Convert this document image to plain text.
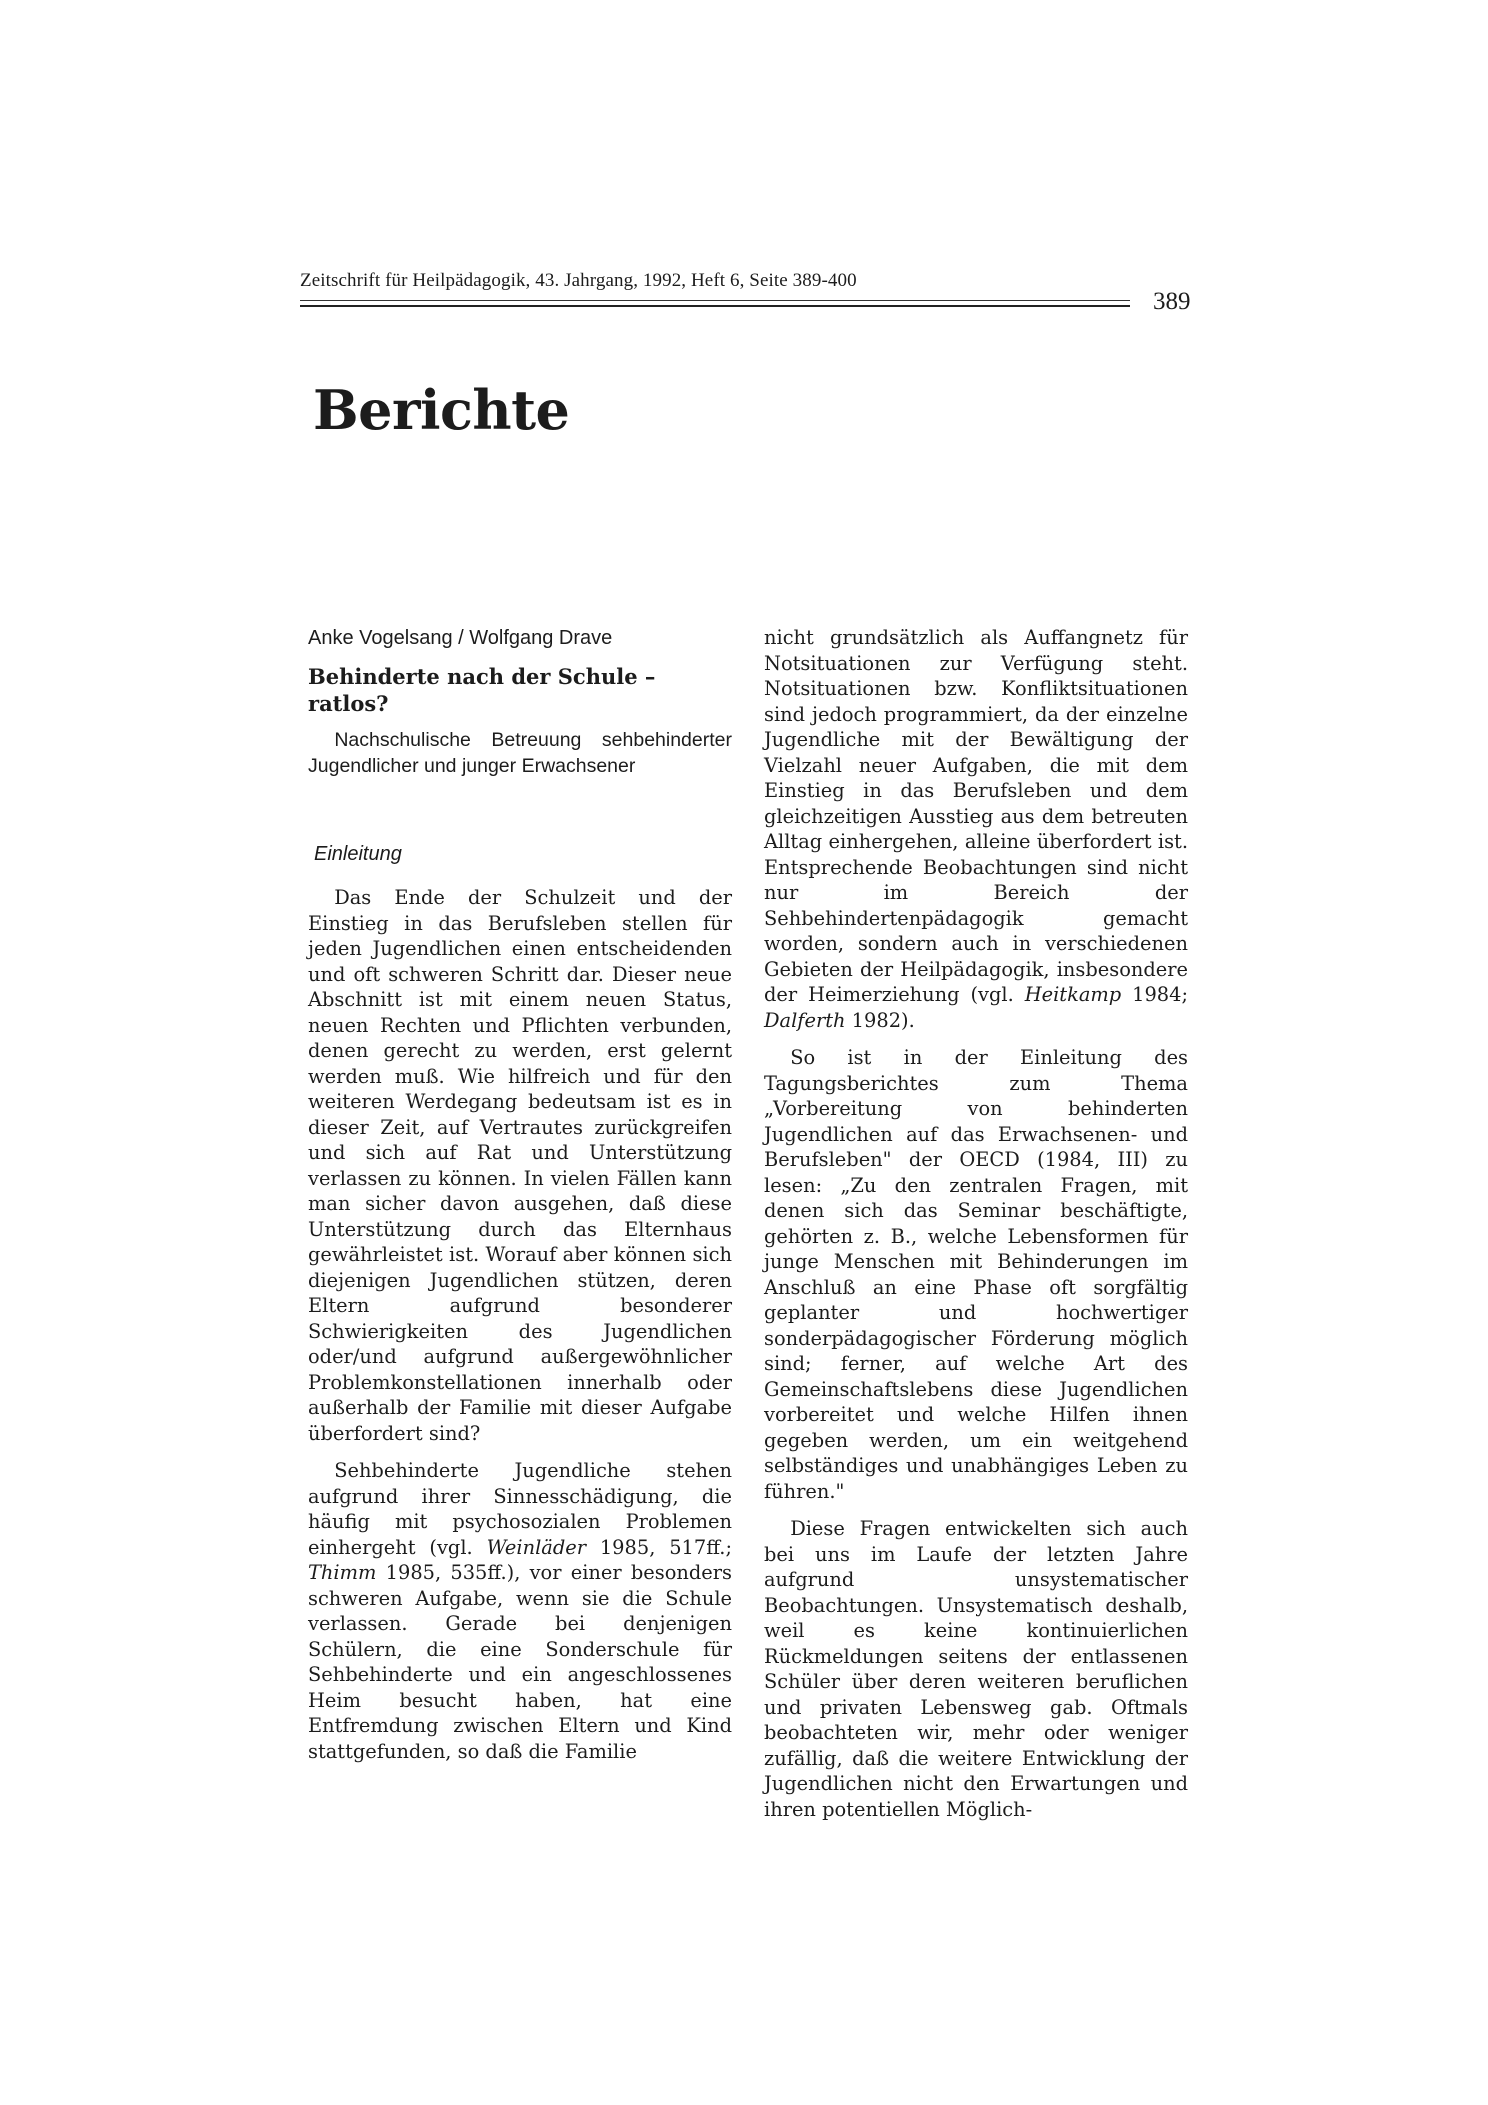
Zeitschrift für Heilpädagogik, 43. Jahrgang, 1992, Heft 6, Seite 389-400
389
Berichte

Anke Vogelsang / Wolfgang Drave

Behinderte nach der Schule – ratlos?

Nachschulische Betreuung sehbehinderter Jugendlicher und junger Erwachsener

Einleitung

Das Ende der Schulzeit und der Einstieg in das Berufsleben stellen für jeden Jugendlichen einen entscheidenden und oft schweren Schritt dar. Dieser neue Abschnitt ist mit einem neuen Status, neuen Rechten und Pflichten verbunden, denen gerecht zu werden, erst gelernt werden muß. Wie hilfreich und für den weiteren Werdegang bedeutsam ist es in dieser Zeit, auf Vertrautes zurückgreifen und sich auf Rat und Unterstützung verlassen zu können. In vielen Fällen kann man sicher davon ausgehen, daß diese Unterstützung durch das Elternhaus gewährleistet ist. Worauf aber können sich diejenigen Jugendlichen stützen, deren Eltern aufgrund besonderer Schwierigkeiten des Jugendlichen oder/und aufgrund außergewöhnlicher Problemkonstellationen innerhalb oder außerhalb der Familie mit dieser Aufgabe überfordert sind?

Sehbehinderte Jugendliche stehen aufgrund ihrer Sinnesschädigung, die häufig mit psychosozialen Problemen einhergeht (vgl. Weinläder 1985, 517ff.; Thimm 1985, 535ff.), vor einer besonders schweren Aufgabe, wenn sie die Schule verlassen. Gerade bei denjenigen Schülern, die eine Sonderschule für Sehbehinderte und ein angeschlossenes Heim besucht haben, hat eine Entfremdung zwischen Eltern und Kind stattgefunden, so daß die Familie

nicht grundsätzlich als Auffangnetz für Notsituationen zur Verfügung steht. Notsituationen bzw. Konfliktsituationen sind jedoch programmiert, da der einzelne Jugendliche mit der Bewältigung der Vielzahl neuer Aufgaben, die mit dem Einstieg in das Berufsleben und dem gleichzeitigen Ausstieg aus dem betreuten Alltag einhergehen, alleine überfordert ist. Entsprechende Beobachtungen sind nicht nur im Bereich der Sehbehindertenpädagogik gemacht worden, sondern auch in verschiedenen Gebieten der Heilpädagogik, insbesondere der Heimerziehung (vgl. Heitkamp 1984; Dalferth 1982).

So ist in der Einleitung des Tagungsberichtes zum Thema „Vorbereitung von behinderten Jugendlichen auf das Erwachsenen- und Berufsleben" der OECD (1984, III) zu lesen: „Zu den zentralen Fragen, mit denen sich das Seminar beschäftigte, gehörten z. B., welche Lebensformen für junge Menschen mit Behinderungen im Anschluß an eine Phase oft sorgfältig geplanter und hochwertiger sonderpädagogischer Förderung möglich sind; ferner, auf welche Art des Gemeinschaftslebens diese Jugendlichen vorbereitet und welche Hilfen ihnen gegeben werden, um ein weitgehend selbständiges und unabhängiges Leben zu führen."

Diese Fragen entwickelten sich auch bei uns im Laufe der letzten Jahre aufgrund unsystematischer Beobachtungen. Unsystematisch deshalb, weil es keine kontinuierlichen Rückmeldungen seitens der entlassenen Schüler über deren weiteren beruflichen und privaten Lebensweg gab. Oftmals beobachteten wir, mehr oder weniger zufällig, daß die weitere Entwicklung der Jugendlichen nicht den Erwartungen und ihren potentiellen Möglich-
